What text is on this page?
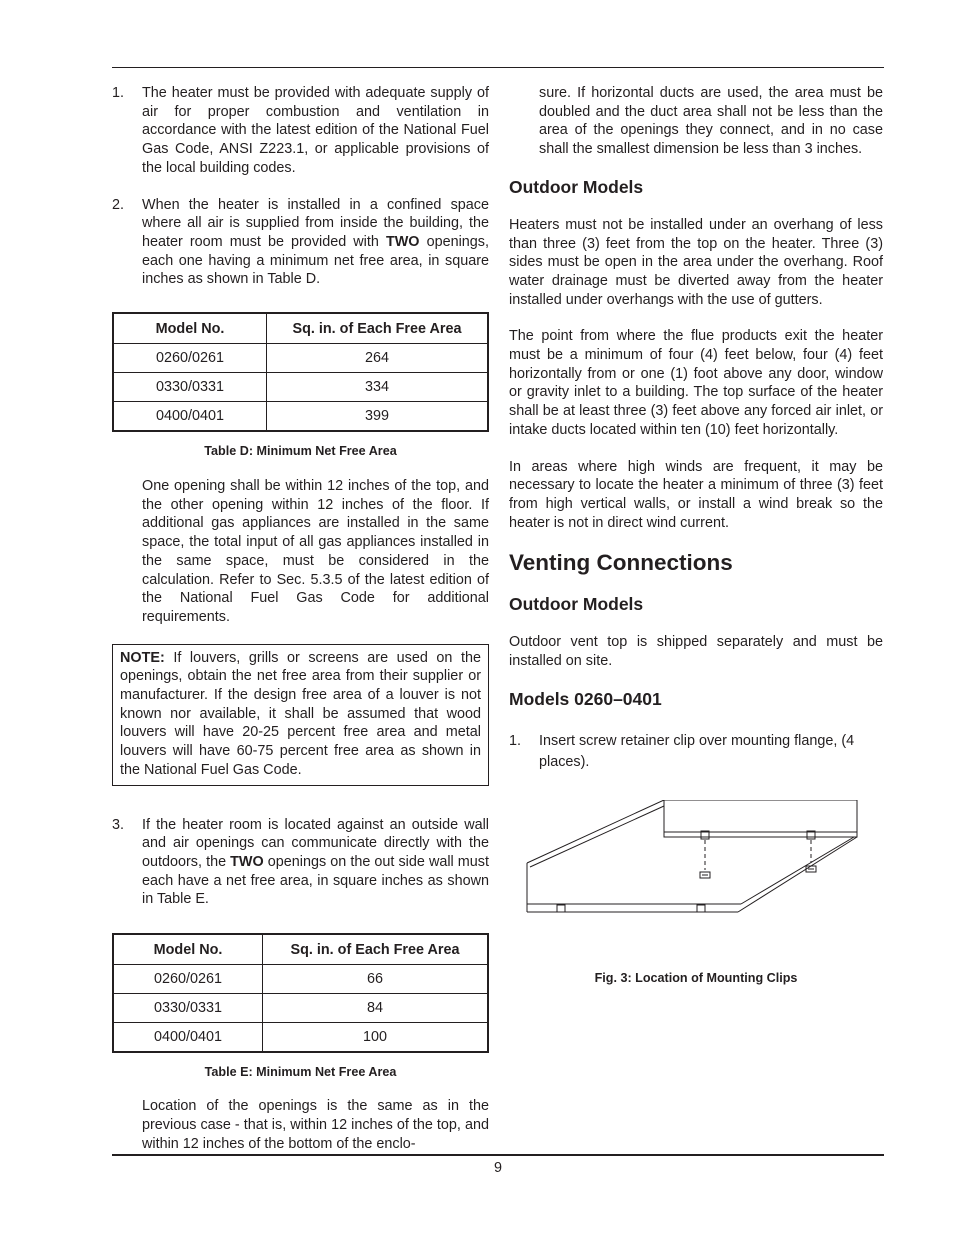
1. The heater must be provided with adequate supply of air for proper combustion and ventilation in accordance with the latest edition of the National Fuel Gas Code, ANSI Z223.1, or applicable provisions of the local building codes.
2. When the heater is installed in a confined space where all air is supplied from inside the building, the heater room must be provided with TWO openings, each one having a minimum net free area, in square inches as shown in Table D.
Model No.	Sq. in. of Each Free Area
0260/0261	264
0330/0331	334
0400/0401	399
Table D: Minimum Net Free Area

One opening shall be within 12 inches of the top, and the other opening within 12 inches of the floor. If additional gas appliances are installed in the same space, the total input of all gas appliances installed in the same space, must be considered in the calculation. Refer to Sec. 5.3.5 of the latest edition of the National Fuel Gas Code for additional requirements.

NOTE: If louvers, grills or screens are used on the openings, obtain the net free area from their supplier or manufacturer. If the design free area of a louver is not known nor available, it shall be assumed that wood louvers will have 20-25 percent free area and metal louvers will have 60-75 percent free area as shown in the National Fuel Gas Code.

3. If the heater room is located against an outside wall and air openings can communicate directly with the outdoors, the TWO openings on the out side wall must each have a net free area, in square inches as shown in Table E.
Model No.	Sq. in. of Each Free Area
0260/0261	66
0330/0331	84
0400/0401	100
Table E: Minimum Net Free Area

Location of the openings is the same as in the previous case - that is, within 12 inches of the top, and within 12 inches of the bottom of the enclo-

sure. If horizontal ducts are used, the area must be doubled and the duct area shall not be less than the area of the openings they connect, and in no case shall the smallest dimension be less than 3 inches.

Outdoor Models

Heaters must not be installed under an overhang of less than three (3) feet from the top on the heater. Three (3) sides must be open in the area under the overhang. Roof water drainage must be diverted away from the heater installed under overhangs with the use of gutters.

The point from where the flue products exit the heater must be a minimum of four (4) feet below, four (4) feet horizontally from or one (1) foot above any door, window or gravity inlet to a building. The top surface of the heater shall be at least three (3) feet above any forced air inlet, or intake ducts located within ten (10) feet horizontally.

In areas where high winds are frequent, it may be necessary to locate the heater a minimum of three (3) feet from high vertical walls, or install a wind break so the heater is not in direct wind current.

Venting Connections
Outdoor Models

Outdoor vent top is shipped separately and must be installed on site.

Models 0260–0401
1. Insert screw retainer clip over mounting flange, (4 places).
Fig. 3: Location of Mounting Clips
9
